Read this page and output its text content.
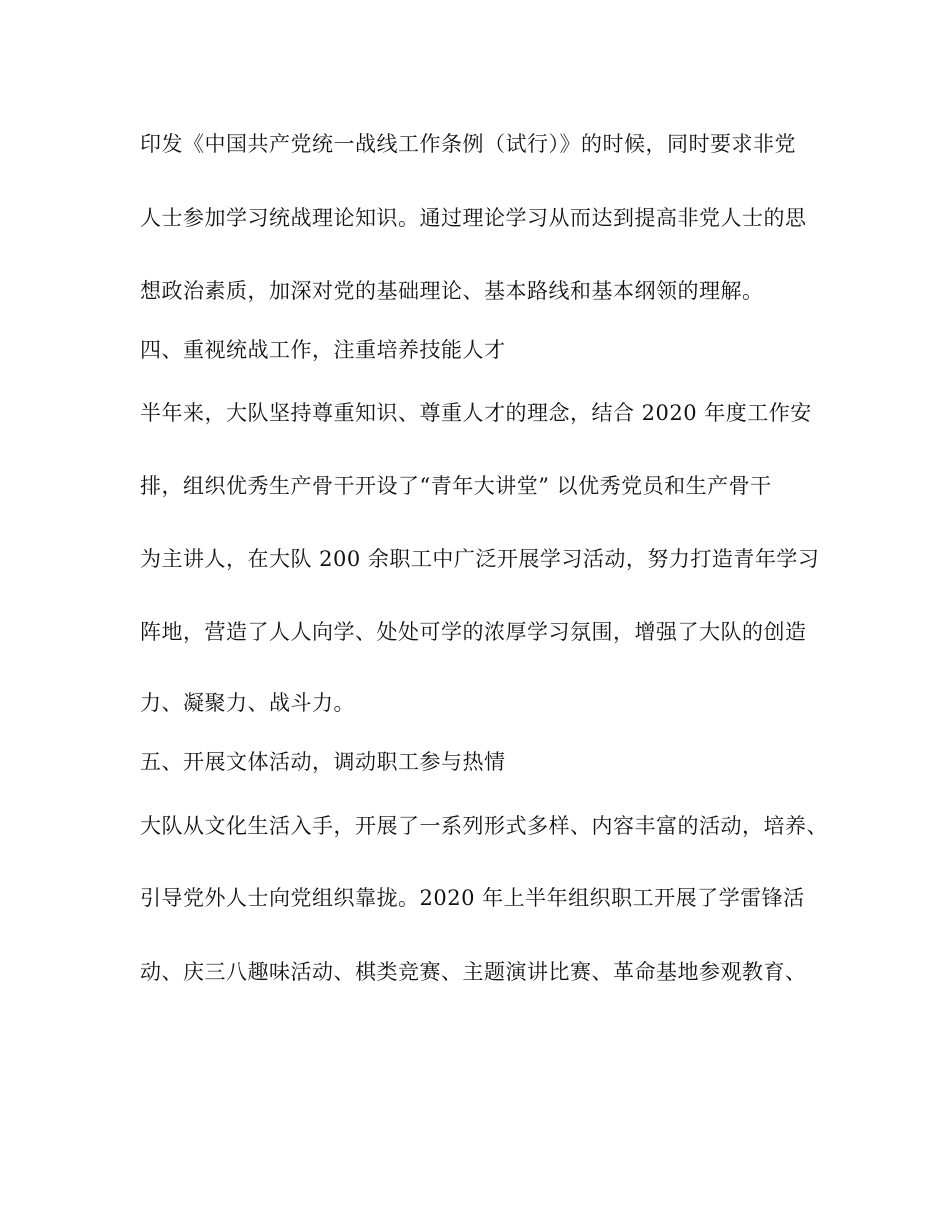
印发《中国共产党统一战线工作条例（试行）》的时候，同时要求非党
人士参加学习统战理论知识。通过理论学习从而达到提高非党人士的思
想政治素质，加深对党的基础理论、基本路线和基本纲领的理解。
四、重视统战工作，注重培养技能人才
半年来，大队坚持尊重知识、尊重人才的理念，结合 2020 年度工作安
排，组织优秀生产骨干开设了“青年大讲堂” 以优秀党员和生产骨干
为主讲人，在大队 200 余职工中广泛开展学习活动，努力打造青年学习
阵地，营造了人人向学、处处可学的浓厚学习氛围，增强了大队的创造
力、凝聚力、战斗力。
五、开展文体活动，调动职工参与热情
大队从文化生活入手，开展了一系列形式多样、内容丰富的活动，培养、
引导党外人士向党组织靠拢。2020 年上半年组织职工开展了学雷锋活
动、庆三八趣味活动、棋类竞赛、主题演讲比赛、革命基地参观教育、
